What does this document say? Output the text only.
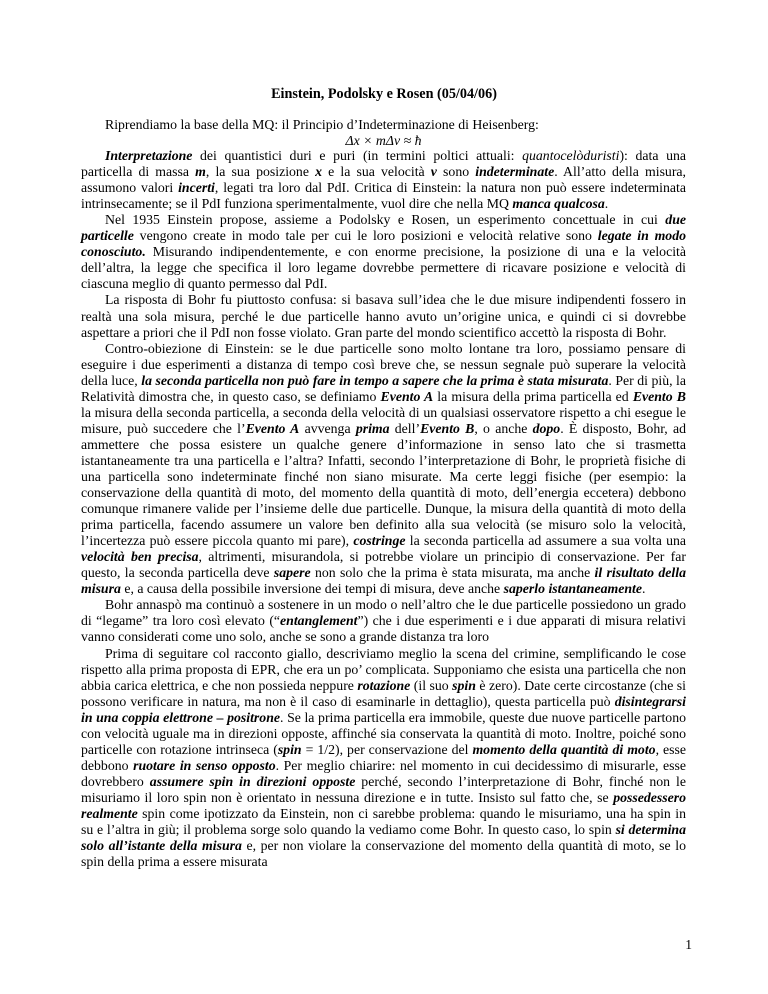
Einstein, Podolsky e Rosen (05/04/06)

Riprendiamo la base della MQ: il Principio d’Indeterminazione di Heisenberg:

Δx × mΔv ≈ ħ

Interpretazione dei quantistici duri e puri (in termini poltici attuali: quantocelòduristi): data una particella di massa m, la sua posizione x e la sua velocità v sono indeterminate. All’atto della misura, assumono valori incerti, legati tra loro dal PdI. Critica di Einstein: la natura non può essere indeterminata intrinsecamente; se il PdI funziona sperimentalmente, vuol dire che nella MQ manca qualcosa.

Nel 1935 Einstein propose, assieme a Podolsky e Rosen, un esperimento concettuale in cui due particelle vengono create in modo tale per cui le loro posizioni e velocità relative sono legate in modo conosciuto. Misurando indipendentemente, e con enorme precisione, la posizione di una e la velocità dell’altra, la legge che specifica il loro legame dovrebbe permettere di ricavare posizione e velocità di ciascuna meglio di quanto permesso dal PdI.

La risposta di Bohr fu piuttosto confusa: si basava sull’idea che le due misure indipendenti fossero in realtà una sola misura, perché le due particelle hanno avuto un’origine unica, e quindi ci si dovrebbe aspettare a priori che il PdI non fosse violato. Gran parte del mondo scientifico accettò la risposta di Bohr.

Contro-obiezione di Einstein: se le due particelle sono molto lontane tra loro, possiamo pensare di eseguire i due esperimenti a distanza di tempo così breve che, se nessun segnale può superare la velocità della luce, la seconda particella non può fare in tempo a sapere che la prima è stata misurata. Per di più, la Relatività dimostra che, in questo caso, se definiamo Evento A la misura della prima particella ed Evento B la misura della seconda particella, a seconda della velocità di un qualsiasi osservatore rispetto a chi esegue le misure, può succedere che l’Evento A avvenga prima dell’Evento B, o anche dopo. È disposto, Bohr, ad ammettere che possa esistere un qualche genere d’informazione in senso lato che si trasmetta istantaneamente tra una particella e l’altra? Infatti, secondo l’interpretazione di Bohr, le proprietà fisiche di una particella sono indeterminate finché non siano misurate. Ma certe leggi fisiche (per esempio: la conservazione della quantità di moto, del momento della quantità di moto, dell’energia eccetera) debbono comunque rimanere valide per l’insieme delle due particelle. Dunque, la misura della quantità di moto della prima particella, facendo assumere un valore ben definito alla sua velocità (se misuro solo la velocità, l’incertezza può essere piccola quanto mi pare), costringe la seconda particella ad assumere a sua volta una velocità ben precisa, altrimenti, misurandola, si potrebbe violare un principio di conservazione. Per far questo, la seconda particella deve sapere non solo che la prima è stata misurata, ma anche il risultato della misura e, a causa della possibile inversione dei tempi di misura, deve anche saperlo istantaneamente.

Bohr annaspò ma continuò a sostenere in un modo o nell’altro che le due particelle possiedono un grado di “legame” tra loro così elevato (“entanglement”) che i due esperimenti e i due apparati di misura relativi vanno considerati come uno solo, anche se sono a grande distanza tra loro

Prima di seguitare col racconto giallo, descriviamo meglio la scena del crimine, semplificando le cose rispetto alla prima proposta di EPR, che era un po’ complicata. Supponiamo che esista una particella che non abbia carica elettrica, e che non possieda neppure rotazione (il suo spin è zero). Date certe circostanze (che si possono verificare in natura, ma non è il caso di esaminarle in dettaglio), questa particella può disintegrarsi in una coppia elettrone – positrone. Se la prima particella era immobile, queste due nuove particelle partono con velocità uguale ma in direzioni opposte, affinché sia conservata la quantità di moto. Inoltre, poiché sono particelle con rotazione intrinseca (spin = 1/2), per conservazione del momento della quantità di moto, esse debbono ruotare in senso opposto. Per meglio chiarire: nel momento in cui decidessimo di misurarle, esse dovrebbero assumere spin in direzioni opposte perché, secondo l’interpretazione di Bohr, finché non le misuriamo il loro spin non è orientato in nessuna direzione e in tutte. Insisto sul fatto che, se possedessero realmente spin come ipotizzato da Einstein, non ci sarebbe problema: quando le misuriamo, una ha spin in su e l’altra in giù; il problema sorge solo quando la vediamo come Bohr. In questo caso, lo spin si determina solo all’istante della misura e, per non violare la conservazione del momento della quantità di moto, se lo spin della prima a essere misurata

1
